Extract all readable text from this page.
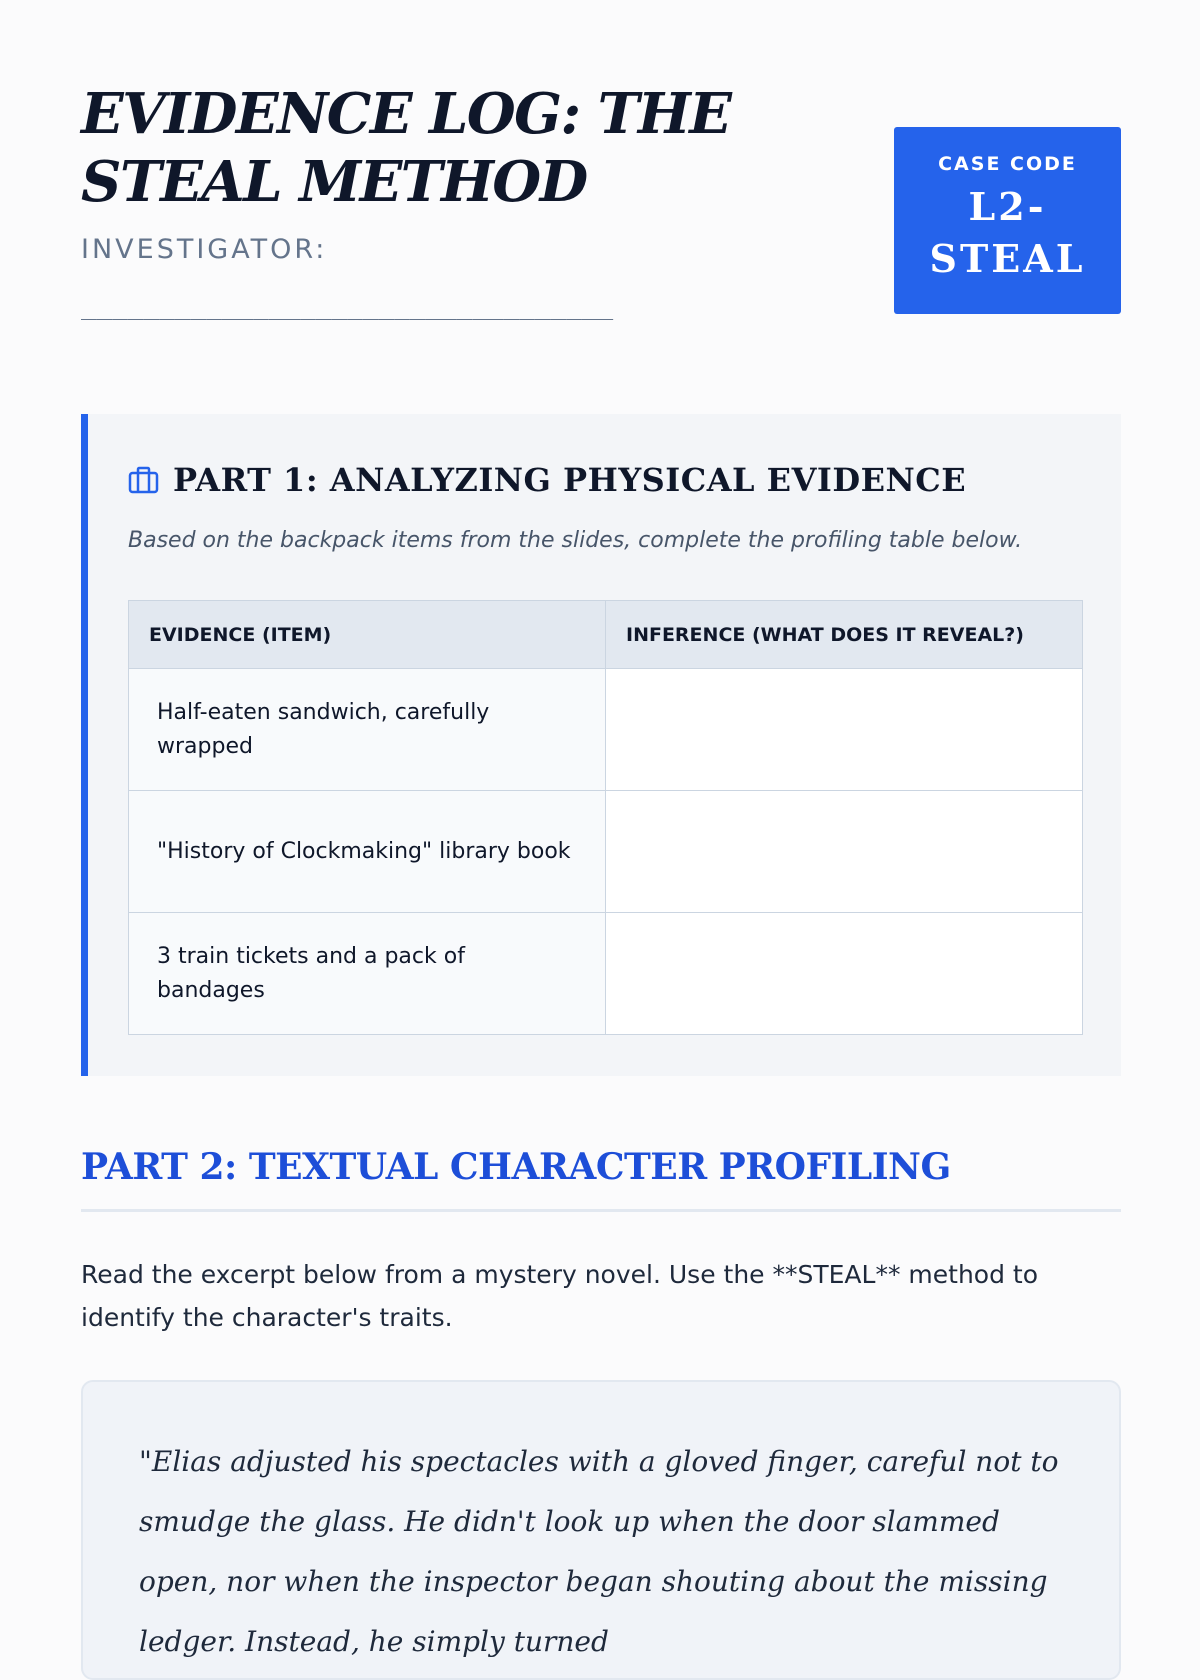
EVIDENCE LOG: THE STEAL METHOD
INVESTIGATOR:
__________________________________
CASE CODE
L2-STEAL
PART 1: ANALYZING PHYSICAL EVIDENCE

Based on the backpack items from the slides, complete the profiling table below.

EVIDENCE (ITEM)	INFERENCE (WHAT DOES IT REVEAL?)
Half-eaten sandwich, carefully wrapped	
"History of Clockmaking" library book	
3 train tickets and a pack of bandages	
PART 2: TEXTUAL CHARACTER PROFILING

Read the excerpt below from a mystery novel. Use the **STEAL** method to identify the character's traits.

"Elias adjusted his spectacles with a gloved finger, careful not to smudge the glass. He didn't look up when the door slammed open, nor when the inspector began shouting about the missing ledger. Instead, he simply turned
